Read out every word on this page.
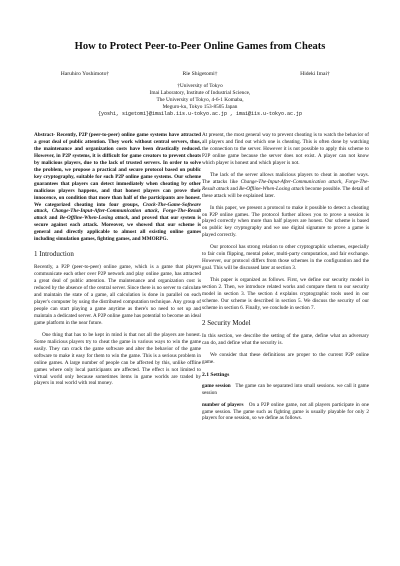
How to Protect Peer-to-Peer Online Games from Cheats
Haruhiro Yoshimoto†	Rie Shigetomi†	Hideki Imai†
†University of Tokyo
Imai Laboratory, Institute of Industrial Science,
The University of Tokyo, 4-6-1 Komaba,
Meguro-ku, Tokyo 153-8505 Japan
{yoshi, sigetomi}@imailab.iis.u-tokyo.ac.jp , imai@iis.u-tokyo.ac.jp

Abstract- Recently, P2P (peer-to-peer) online game systems have attracted a great deal of public attention. They work without central servers, thus, the maintenance and organization costs have been drastically reduced. However, in P2P systems, it is difficult for game creators to prevent cheats by malicious players, due to the lack of trusted servers. In order to solve the problem, we propose a practical and secure protocol based on public key cryptography, suitable for such P2P online game systems. Our scheme guarantees that players can detect immediately when cheating by other malicious players happens, and that honest players can prove their innocence, on condition that more than half of the participants are honest. We categorized cheating into four groups, Crack-The-Game-Software attack, Change-The-Input-After-Communication attack, Forge-The-Result attack and Be-Offline-When-Losing attack, and proved that our system is secure against each attack. Moreover, we showed that our scheme is general and directly applicable to almost all existing online games including simulation games, fighting games, and MMORPG.

1 Introduction

Recently, a P2P (peer-to-peer) online game, which is a game that players communicate each other over P2P network and play online game, has attracted a great deal of public attention. The maintenance and organization cost is reduced by the absence of the central server. Since there is no server to calculate and maintain the state of a game, all calculation is done in parallel on each player's computer by using the distributed computation technique. Any group of people can start playing a game anytime as there's no need to set up and maintain a dedicated server. A P2P online game has potential to become an ideal game platform in the near future.

One thing that has to be kept in mind is that not all the players are honest. Some malicious players try to cheat the game in various ways to win the game easily. They can crack the game software and alter the behavior of the game software to make it easy for them to win the game. This is a serious problem in online games. A large number of people can be affected by this, unlike offline games where only local participants are affected. The effect is not limited to virtual world only because sometimes items in game worlds are traded by players in real world with real money.

At present, the most general way to prevent cheating is to watch the behavior of all players and find out which one is cheating. This is often done by watching the connection to the server. However it is not possible to apply this scheme to P2P online game because the server does not exist. A player can not know which player is honest and which player is not.

The lack of the server allows malicious players to cheat in another ways. The attacks like Change-The-Input-After-Communication attack, Forge-The-Result attack and Be-Offline-When-Losing attack become possible. The detail of these attack will be explained later.

In this paper, we present a protocol to make it possible to detect a cheating on P2P online games. The protocol further allows you to prove a session is played correctly when more than half players are honest. Our scheme is based on public key cryptography and we use digital signature to prove a game is played correctly.

Our protocol has strong relation to other cryptographic schemes, especially to fair coin flipping, mental poker, multi-party computation, and fair exchange. However, our protocol differs from those schemes in the configuration and the goal. This will be discussed later at section 3.

This paper is organized as follows. First, we define our security model in section 2. Then, we introduce related works and compare them to our security model in section 3. The section 4 explains cryptographic tools used in our scheme. Our scheme is described in section 5. We discuss the security of our scheme in section 6. Finally, we conclude in section 7.

2 Security Model

In this section, we describe the setting of the game, define what an adversary can do, and define what the security is.

We consider that these definitions are proper to the current P2P online game.

2.1 Settings

game session The game can be separated into small sessions. we call it game session

number of players On a P2P online game, not all players participate in one game session. The game such as fighting game is usually playable for only 2 players for one session, so we define as follows.
